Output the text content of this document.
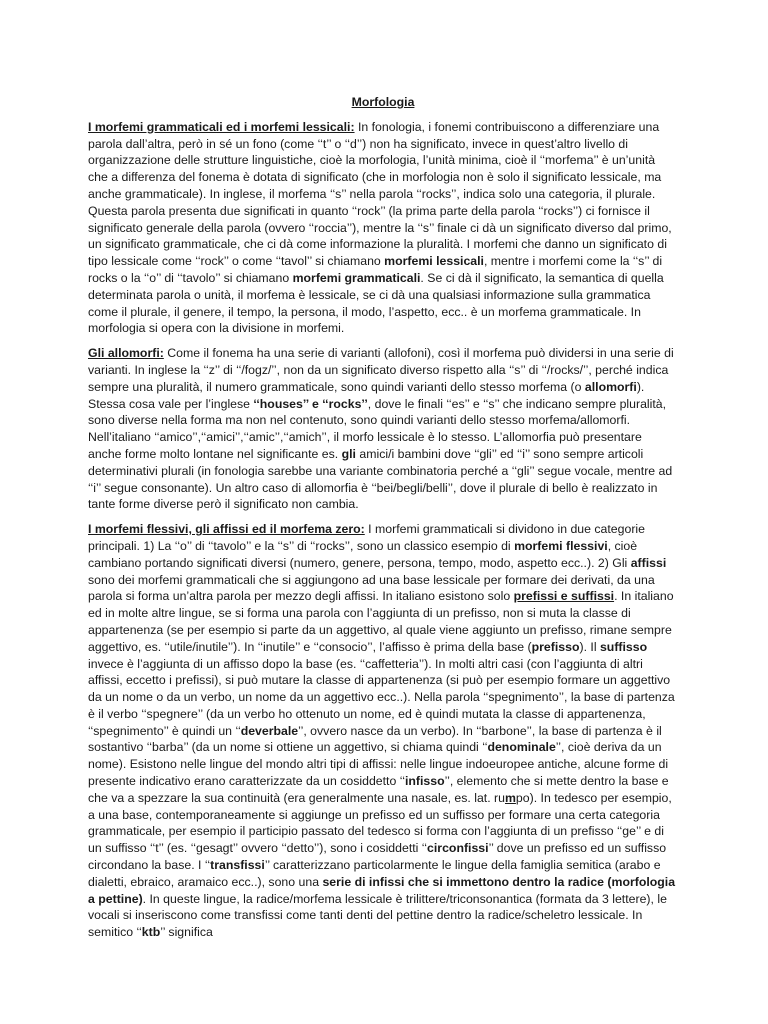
Morfologia
I morfemi grammaticali ed i morfemi lessicali: In fonologia, i fonemi contribuiscono a differenziare una parola dall’altra, però in sé un fono (come ‘‘t’’ o ‘‘d’’) non ha significato, invece in quest’altro livello di organizzazione delle strutture linguistiche, cioè la morfologia, l’unità minima, cioè il ‘‘morfema’’ è un’unità che a differenza del fonema è dotata di significato (che in morfologia non è solo il significato lessicale, ma anche grammaticale). In inglese, il morfema ‘‘s’’ nella parola ‘‘rocks’’, indica solo una categoria, il plurale. Questa parola presenta due significati in quanto ‘‘rock’’ (la prima parte della parola ‘‘rocks’’) ci fornisce il significato generale della parola (ovvero ‘‘roccia’’), mentre la ‘‘s’’ finale ci dà un significato diverso dal primo, un significato grammaticale, che ci dà come informazione la pluralità. I morfemi che danno un significato di tipo lessicale come ‘‘rock’’ o come ‘‘tavol’’ si chiamano morfemi lessicali, mentre i morfemi come la ‘‘s’’ di rocks o la ‘‘o’’ di ‘‘tavolo’’ si chiamano morfemi grammaticali. Se ci dà il significato, la semantica di quella determinata parola o unità, il morfema è lessicale, se ci dà una qualsiasi informazione sulla grammatica come il plurale, il genere, il tempo, la persona, il modo, l’aspetto, ecc.. è un morfema grammaticale. In morfologia si opera con la divisione in morfemi.
Gli allomorfi: Come il fonema ha una serie di varianti (allofoni), così il morfema può dividersi in una serie di varianti. In inglese la ‘‘z’’ di ‘‘/fogz/’’, non da un significato diverso rispetto alla ‘‘s’’ di ‘‘/rocks/’’, perché indica sempre una pluralità, il numero grammaticale, sono quindi varianti dello stesso morfema (o allomorfi). Stessa cosa vale per l’inglese ‘‘houses’’ e ‘‘rocks’’, dove le finali ‘‘es’’ e ‘‘s’’ che indicano sempre pluralità, sono diverse nella forma ma non nel contenuto, sono quindi varianti dello stesso morfema/allomorfi. Nell’italiano ‘‘amico’’,‘‘amici’’,‘‘amic’’,‘‘amich’’, il morfo lessicale è lo stesso. L’allomorfia può presentare anche forme molto lontane nel significante es. gli amici/i bambini dove ‘‘gli’’ ed ‘‘i’’ sono sempre articoli determinativi plurali (in fonologia sarebbe una variante combinatoria perché a ‘‘gli’’ segue vocale, mentre ad ‘‘i’’ segue consonante). Un altro caso di allomorfia è ‘‘bei/begli/belli’’, dove il plurale di bello è realizzato in tante forme diverse però il significato non cambia.
I morfemi flessivi, gli affissi ed il morfema zero: I morfemi grammaticali si dividono in due categorie principali. 1) La ‘‘o’’ di ‘‘tavolo’’ e la ‘‘s’’ di ‘‘rocks’’, sono un classico esempio di morfemi flessivi, cioè cambiano portando significati diversi (numero, genere, persona, tempo, modo, aspetto ecc..). 2) Gli affissi sono dei morfemi grammaticali che si aggiungono ad una base lessicale per formare dei derivati, da una parola si forma un’altra parola per mezzo degli affissi. In italiano esistono solo prefissi e suffissi. In italiano ed in molte altre lingue, se si forma una parola con l’aggiunta di un prefisso, non si muta la classe di appartenenza (se per esempio si parte da un aggettivo, al quale viene aggiunto un prefisso, rimane sempre aggettivo, es. ‘‘utile/inutile’’). In ‘‘inutile’’ e ‘‘consocio’’, l’affisso è prima della base (prefisso). Il suffisso invece è l’aggiunta di un affisso dopo la base (es. ‘‘caffetteria’’). In molti altri casi (con l’aggiunta di altri affissi, eccetto i prefissi), si può mutare la classe di appartenenza (si può per esempio formare un aggettivo da un nome o da un verbo, un nome da un aggettivo ecc..). Nella parola ‘‘spegnimento’’, la base di partenza è il verbo ‘‘spegnere’’ (da un verbo ho ottenuto un nome, ed è quindi mutata la classe di appartenenza, ‘‘spegnimento’’ è quindi un ‘‘deverbale’’, ovvero nasce da un verbo). In ‘‘barbone’’, la base di partenza è il sostantivo ‘‘barba’’ (da un nome si ottiene un aggettivo, si chiama quindi ‘‘denominale’’, cioè deriva da un nome). Esistono nelle lingue del mondo altri tipi di affissi: nelle lingue indoeuropee antiche, alcune forme di presente indicativo erano caratterizzate da un cosiddetto ‘‘infisso’’, elemento che si mette dentro la base e che va a spezzare la sua continuità (era generalmente una nasale, es. lat. rumpo). In tedesco per esempio, a una base, contemporaneamente si aggiunge un prefisso ed un suffisso per formare una certa categoria grammaticale, per esempio il participio passato del tedesco si forma con l’aggiunta di un prefisso ‘‘ge’’ e di un suffisso ‘‘t’’ (es. ‘‘gesagt’’ ovvero ‘‘detto’’), sono i cosiddetti ‘‘circonfissi’’ dove un prefisso ed un suffisso circondano la base. I ‘‘transfissi’’ caratterizzano particolarmente le lingue della famiglia semitica (arabo e dialetti, ebraico, aramaico ecc..), sono una serie di infissi che si immettono dentro la radice (morfologia a pettine). In queste lingue, la radice/morfema lessicale è trilittere/triconsonantica (formata da 3 lettere), le vocali si inseriscono come transfissi come tanti denti del pettine dentro la radice/scheletro lessicale. In semitico ‘‘ktb’’ significa
